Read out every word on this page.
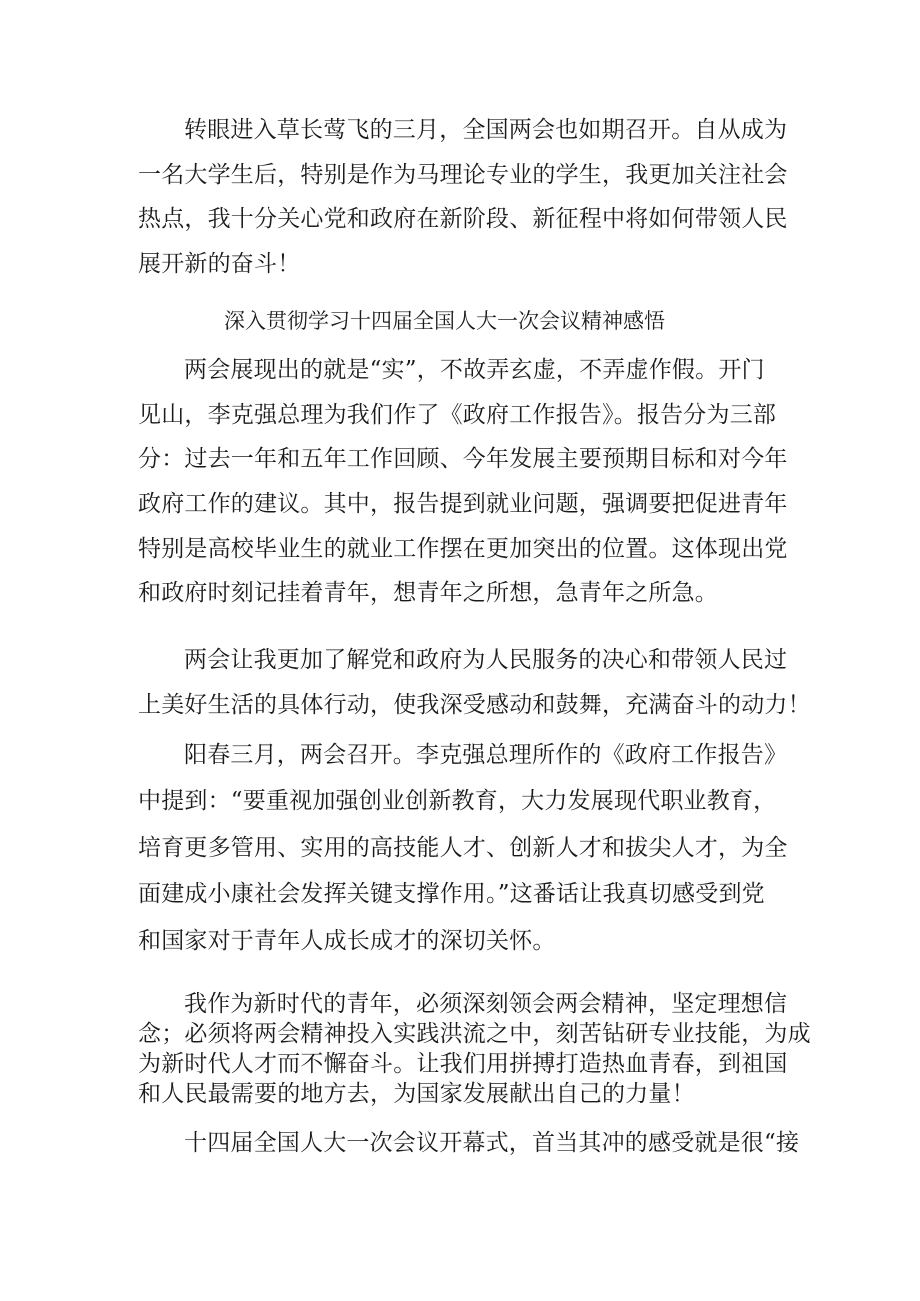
转眼进入草长莺飞的三月，全国两会也如期召开。自从成为
一名大学生后，特别是作为马理论专业的学生，我更加关注社会
热点，我十分关心党和政府在新阶段、新征程中将如何带领人民
展开新的奋斗！
深入贯彻学习十四届全国人大一次会议精神感悟
两会展现出的就是“实”，不故弄玄虚，不弄虚作假。开门
见山，李克强总理为我们作了《政府工作报告》。报告分为三部
分：过去一年和五年工作回顾、今年发展主要预期目标和对今年
政府工作的建议。其中，报告提到就业问题，强调要把促进青年
特别是高校毕业生的就业工作摆在更加突出的位置。这体现出党
和政府时刻记挂着青年，想青年之所想，急青年之所急。
两会让我更加了解党和政府为人民服务的决心和带领人民过
上美好生活的具体行动，使我深受感动和鼓舞，充满奋斗的动力！
阳春三月，两会召开。李克强总理所作的《政府工作报告》
中提到：“要重视加强创业创新教育，大力发展现代职业教育，
培育更多管用、实用的高技能人才、创新人才和拔尖人才，为全
面建成小康社会发挥关键支撑作用。”这番话让我真切感受到党
和国家对于青年人成长成才的深切关怀。
我作为新时代的青年，必须深刻领会两会精神，坚定理想信
念；必须将两会精神投入实践洪流之中，刻苦钻研专业技能，为成
为新时代人才而不懈奋斗。让我们用拼搏打造热血青春，到祖国
和人民最需要的地方去，为国家发展献出自己的力量！
十四届全国人大一次会议开幕式，首当其冲的感受就是很“接
